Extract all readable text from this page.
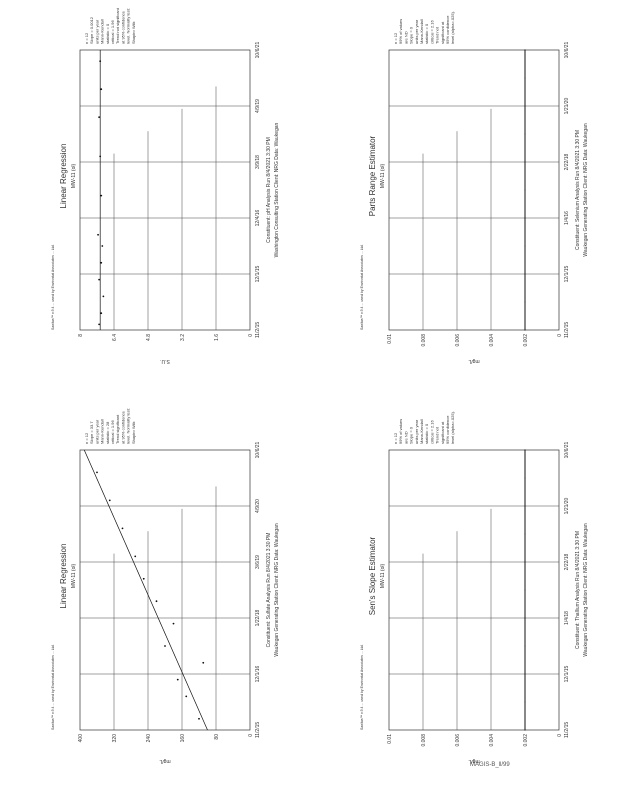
0
1.6
3.2
4.8
6.4
8	11/2/15
12/1/15
12/4/16
3/9/18
4/9/19
10/6/21
S.U.
Linear Regression MW-11 (ol)
Sanitas™ v.9.4 ... used by Envirostat Associates ... Ltd.
Constituent: pH Analysis Run 8/4/2021 3:30 PM Washington Consulting Station Client: NRG Data: Waukegan
n = 12 Slope = 0.0012 units per year Mann-Kendall statistic = 0 critical = 1.96 Trend not significant at 95% confidence level. Normality test: Shapiro Wilk
0
0.002
0.004
0.006
0.008
0.01
11/2/15
12/1/15
1/4/16
2/22/18
1/21/20
10/6/21
mg/L
Parts Range Estimator MW-11 (ol)
Sanitas™ v.9.4 ... used by Envirostat Associates ... Ltd.
Constituent: Selenium Analysis Run 8/4/2021 3:30 PM Waukegan Generating Station Client: NRG Data: Waukegan
n = 12 99% of values are ND Slope = 0 units per year Mann-Kendall statistic = 0 critical = 2.16 Trend not significant at 95% confidence level (alpha=.025).
0
80
160
240
320
400
11/2/15
12/1/16
1/22/18
3/6/19
4/9/20
10/6/21
mg/L
Linear Regression MW-11 (ol)
Sanitas™ v.9.4 ... used by Envirostat Associates ... Ltd.
Constituent: Sulfate Analysis Run 8/4/2021 3:30 PM Waukegan Generating Station Client: NRG Data: Waukegan
n = 12 Slope = 33.7 units per year Mann-Kendall statistic = 28 critical = 1.96 Trend significant at 95% confidence level. Normality test: Shapiro Wilk
0
0.002
0.004
0.006
0.008
0.01
11/2/15
12/1/15
1/4/18
2/22/18
1/21/20
10/6/21
mg/L
Sen's Slope Estimator MW-11 (ol)
Sanitas™ v.9.4 ... used by Envirostat Associates ... Ltd.
Constituent: Thallium Analysis Run 8/4/2021 3:30 PM Waukegan Generating Station Client: NRG Data: Waukegan
n = 12 99% of values are ND Slope = 0 units per year Mann-Kendall statistic = 0 critical = 2.16 Trend not significant at 95% confidence level (alpha=.025).
MAGIS-B_ll/99
